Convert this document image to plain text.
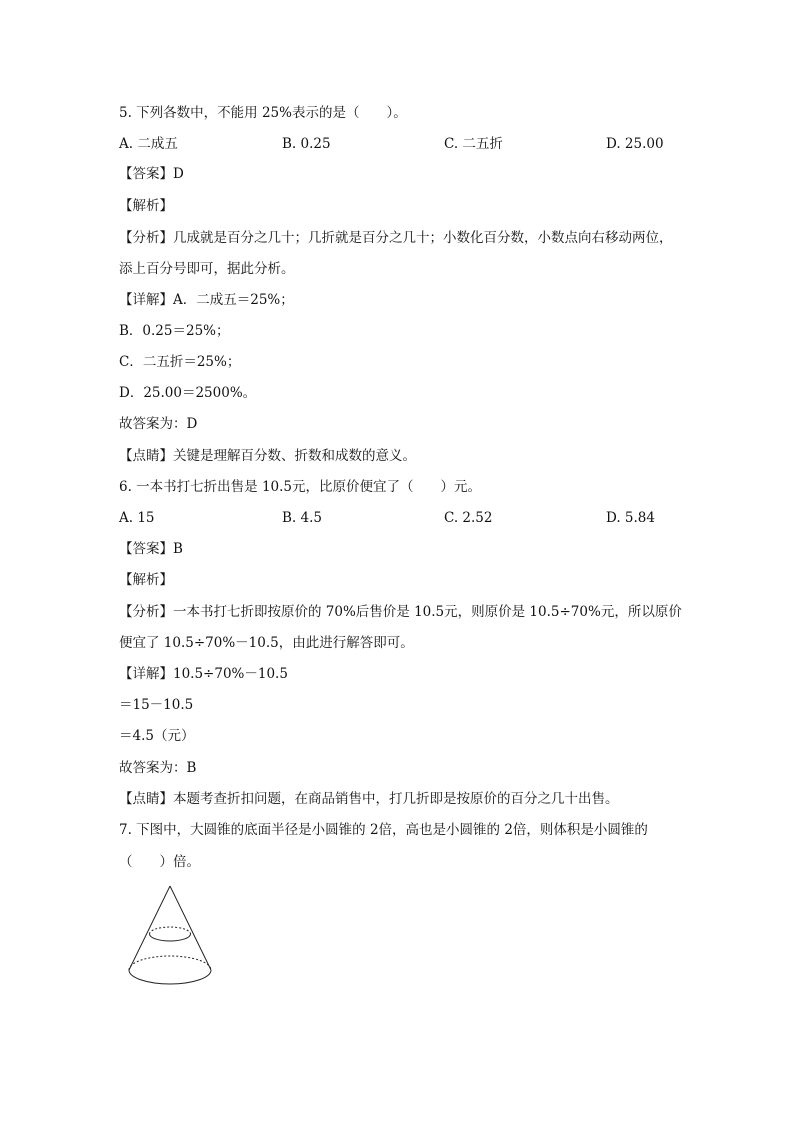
5. 下列各数中，不能用 25%表示的是（　　）。
A. 二成五	B. 0.25	C. 二五折	D. 25.00
【答案】D
【解析】
【分析】几成就是百分之几十；几折就是百分之几十；小数化百分数，小数点向右移动两位，
添上百分号即可，据此分析。
【详解】A．二成五＝25%；
B．0.25＝25%；
C．二五折＝25%；
D．25.00＝2500%。
故答案为：D
【点睛】关键是理解百分数、折数和成数的意义。
6. 一本书打七折出售是 10.5元，比原价便宜了（　　）元。
A. 15	B. 4.5	C. 2.52	D. 5.84
【答案】B
【解析】
【分析】一本书打七折即按原价的 70%后售价是 10.5元，则原价是 10.5÷70%元，所以原价
便宜了 10.5÷70%－10.5，由此进行解答即可。
【详解】10.5÷70%－10.5
＝15－10.5
＝4.5（元）
故答案为：B
【点睛】本题考查折扣问题，在商品销售中，打几折即是按原价的百分之几十出售。
7. 下图中，大圆锥的底面半径是小圆锥的 2倍，高也是小圆锥的 2倍，则体积是小圆锥的
（　　）倍。
